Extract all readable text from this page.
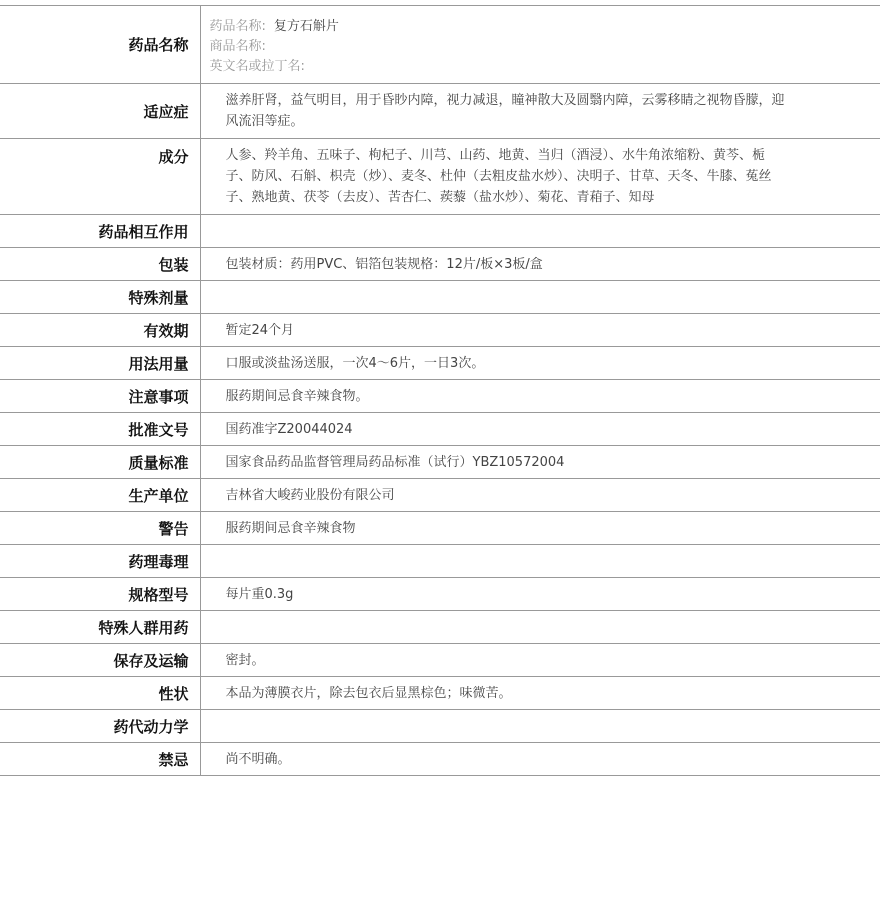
药品名称	药品名称: 复方石斛片
商品名称:
英文名或拉丁名:

适应症	滋养肝肾，益气明目，用于昏眇内障，视力减退，瞳神散大及圆翳内障，云雾移睛之视物昏朦，迎风流泪等症。
成分	人参、羚羊角、五味子、枸杞子、川芎、山药、地黄、当归（酒浸）、水牛角浓缩粉、黄芩、栀子、防风、石斛、枳壳（炒）、麦冬、杜仲（去粗皮盐水炒）、决明子、甘草、天冬、牛膝、菟丝子、熟地黄、茯苓（去皮）、苦杏仁、蒺藜（盐水炒）、菊花、青葙子、知母
药品相互作用	
包装	包装材质：药用PVC、铝箔包装规格：12片/板×3板/盒
特殊剂量	
有效期	暂定24个月
用法用量	口服或淡盐汤送服，一次4～6片，一日3次。
注意事项	服药期间忌食辛辣食物。
批准文号	国药准字Z20044024
质量标准	国家食品药品监督管理局药品标准（试行）YBZ10572004
生产单位	吉林省大峻药业股份有限公司
警告	服药期间忌食辛辣食物
药理毒理	
规格型号	每片重0.3g
特殊人群用药	
保存及运输	密封。
性状	本品为薄膜衣片，除去包衣后显黑棕色；味微苦。
药代动力学	
禁忌	尚不明确。
